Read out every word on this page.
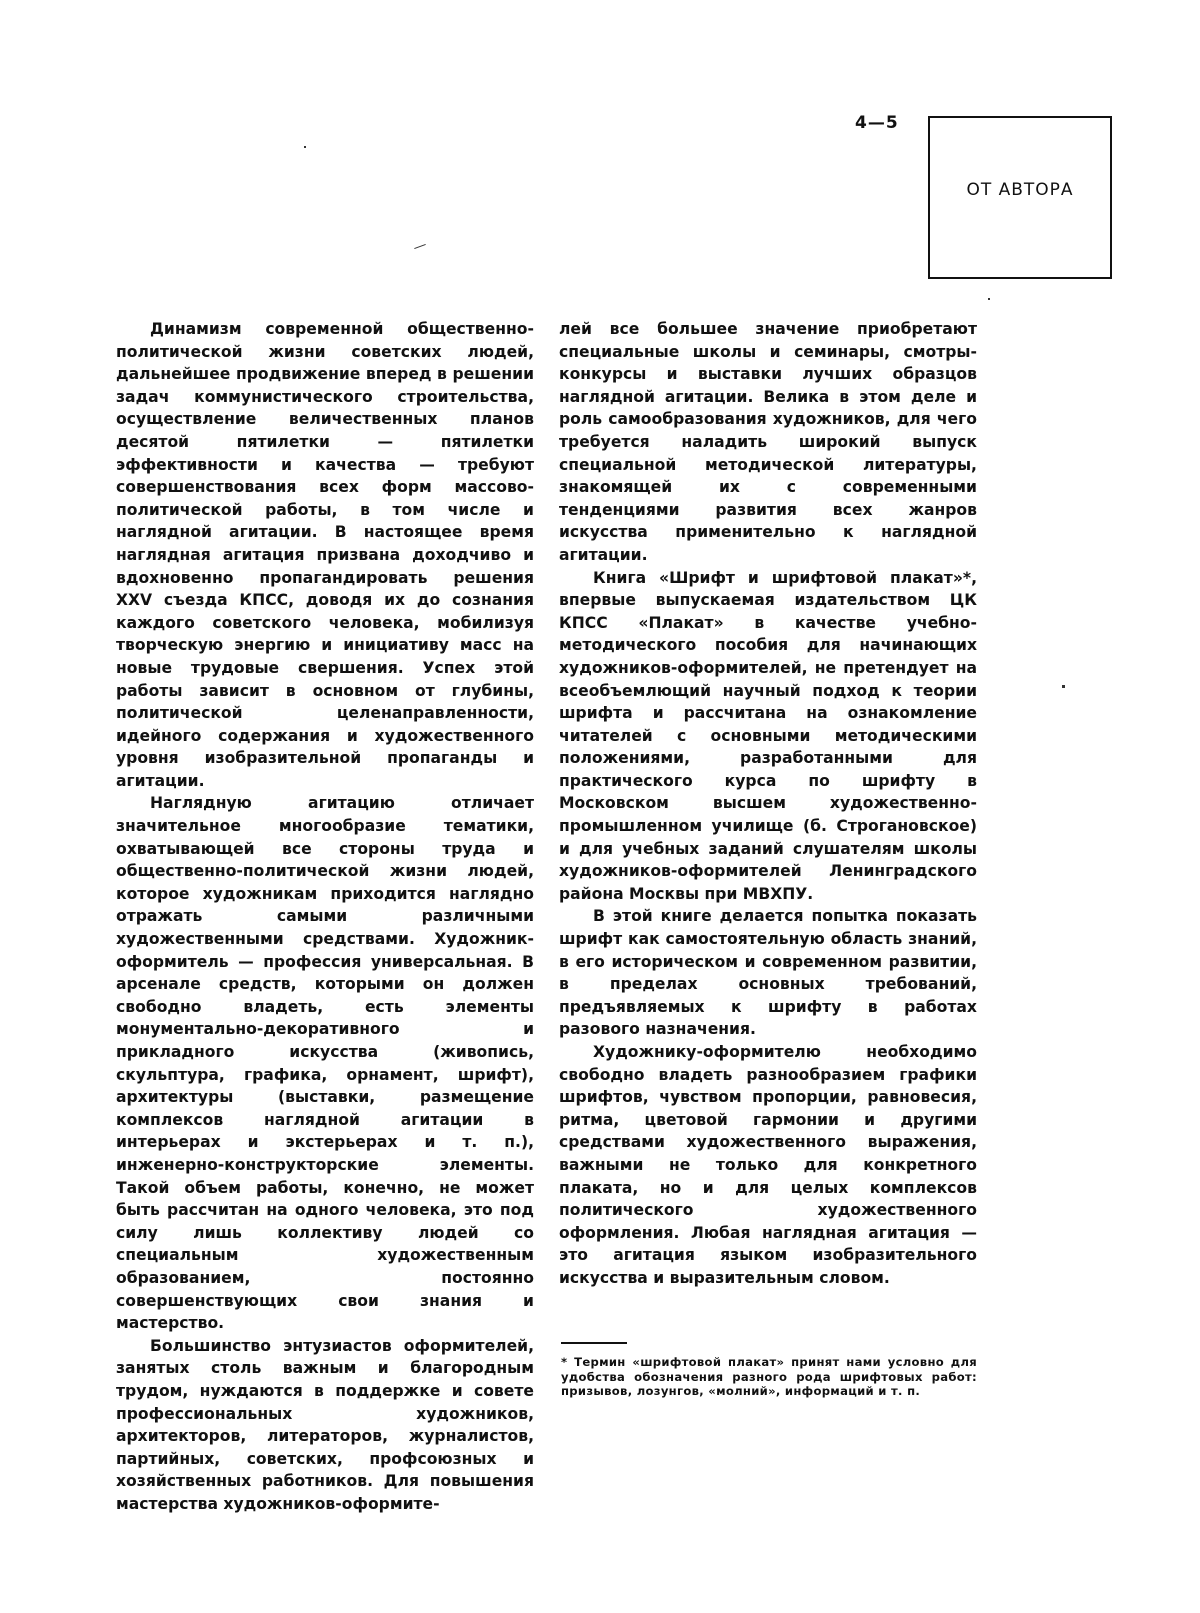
4—5
ОТ АВТОРА

Динамизм современной общественно-политической жизни советских людей, дальнейшее продвижение вперед в решении задач коммунистического строительства, осуществление величественных планов десятой пятилетки — пятилетки эффективности и качества — требуют совершенствования всех форм массово-политической работы, в том числе и наглядной агитации. В настоящее время наглядная агитация призвана доходчиво и вдохновенно пропагандировать решения XXV съезда КПСС, доводя их до сознания каждого советского человека, мобилизуя творческую энергию и инициативу масс на новые трудовые свершения. Успех этой работы зависит в основном от глубины, политической целенаправленности, идейного содержания и художественного уровня изобразительной пропаганды и агитации.

Наглядную агитацию отличает значительное многообразие тематики, охватывающей все стороны труда и общественно-политической жизни людей, которое художникам приходится наглядно отражать самыми различными художественными средствами. Художник-оформитель — профессия универсальная. В арсенале средств, которыми он должен свободно владеть, есть элементы монументально-декоративного и прикладного искусства (живопись, скульптура, графика, орнамент, шрифт), архитектуры (выставки, размещение комплексов наглядной агитации в интерьерах и экстерьерах и т. п.), инженерно-конструкторские элементы. Такой объем работы, конечно, не может быть рассчитан на одного человека, это под силу лишь коллективу людей со специальным художественным образованием, постоянно совершенствующих свои знания и мастерство.

Большинство энтузиастов оформителей, занятых столь важным и благородным трудом, нуждаются в поддержке и совете профессиональных художников, архитекторов, литераторов, журналистов, партийных, советских, профсоюзных и хозяйственных работников. Для повышения мастерства художников-оформите-

лей все большее значение приобретают специальные школы и семинары, смотры-конкурсы и выставки лучших образцов наглядной агитации. Велика в этом деле и роль самообразования художников, для чего требуется наладить широкий выпуск специальной методической литературы, знакомящей их с современными тенденциями развития всех жанров искусства применительно к наглядной агитации.

Книга «Шрифт и шрифтовой плакат»*, впервые выпускаемая издательством ЦК КПСС «Плакат» в качестве учебно-методического пособия для начинающих художников-оформителей, не претендует на всеобъемлющий научный подход к теории шрифта и рассчитана на ознакомление читателей с основными методическими положениями, разработанными для практического курса по шрифту в Московском высшем художественно-промышленном училище (б. Строгановское) и для учебных заданий слушателям школы художников-оформителей Ленинградского района Москвы при МВХПУ.

В этой книге делается попытка показать шрифт как самостоятельную область знаний, в его историческом и современном развитии, в пределах основных требований, предъявляемых к шрифту в работах разового назначения.

Художнику-оформителю необходимо свободно владеть разнообразием графики шрифтов, чувством пропорции, равновесия, ритма, цветовой гармонии и другими средствами художественного выражения, важными не только для конкретного плаката, но и для целых комплексов политического художественного оформления. Любая наглядная агитация — это агитация языком изобразительного искусства и выразительным словом.

* Термин «шрифтовой плакат» принят нами условно для удобства обозначения разного рода шрифтовых работ: призывов, лозунгов, «молний», информаций и т. п.
